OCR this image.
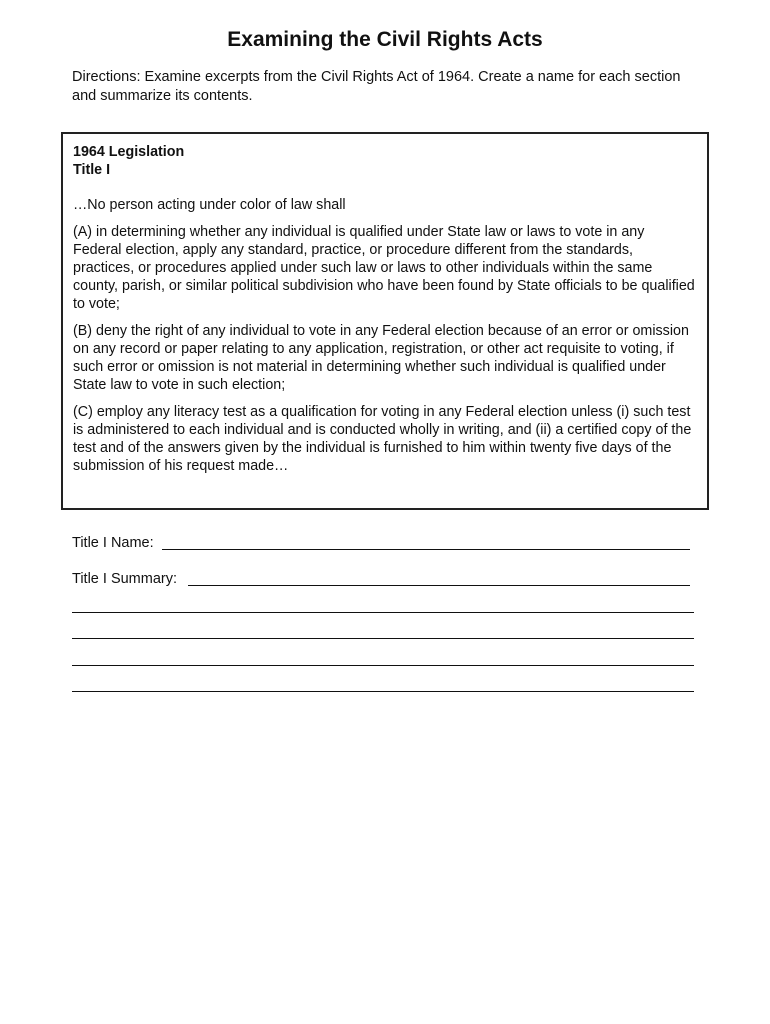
Examining the Civil Rights Acts
Directions: Examine excerpts from the Civil Rights Act of 1964. Create a name for each section and summarize its contents.
1964 Legislation
Title I

…No person acting under color of law shall

(A) in determining whether any individual is qualified under State law or laws to vote in any Federal election, apply any standard, practice, or procedure different from the standards, practices, or procedures applied under such law or laws to other individuals within the same county, parish, or similar political subdivision who have been found by State officials to be qualified to vote;

(B) deny the right of any individual to vote in any Federal election because of an error or omission on any record or paper relating to any application, registration, or other act requisite to voting, if such error or omission is not material in determining whether such individual is qualified under State law to vote in such election;

(C) employ any literacy test as a qualification for voting in any Federal election unless (i) such test is administered to each individual and is conducted wholly in writing, and (ii) a certified copy of the test and of the answers given by the individual is furnished to him within twenty five days of the submission of his request made…

Title I Name:
Title I Summary:
